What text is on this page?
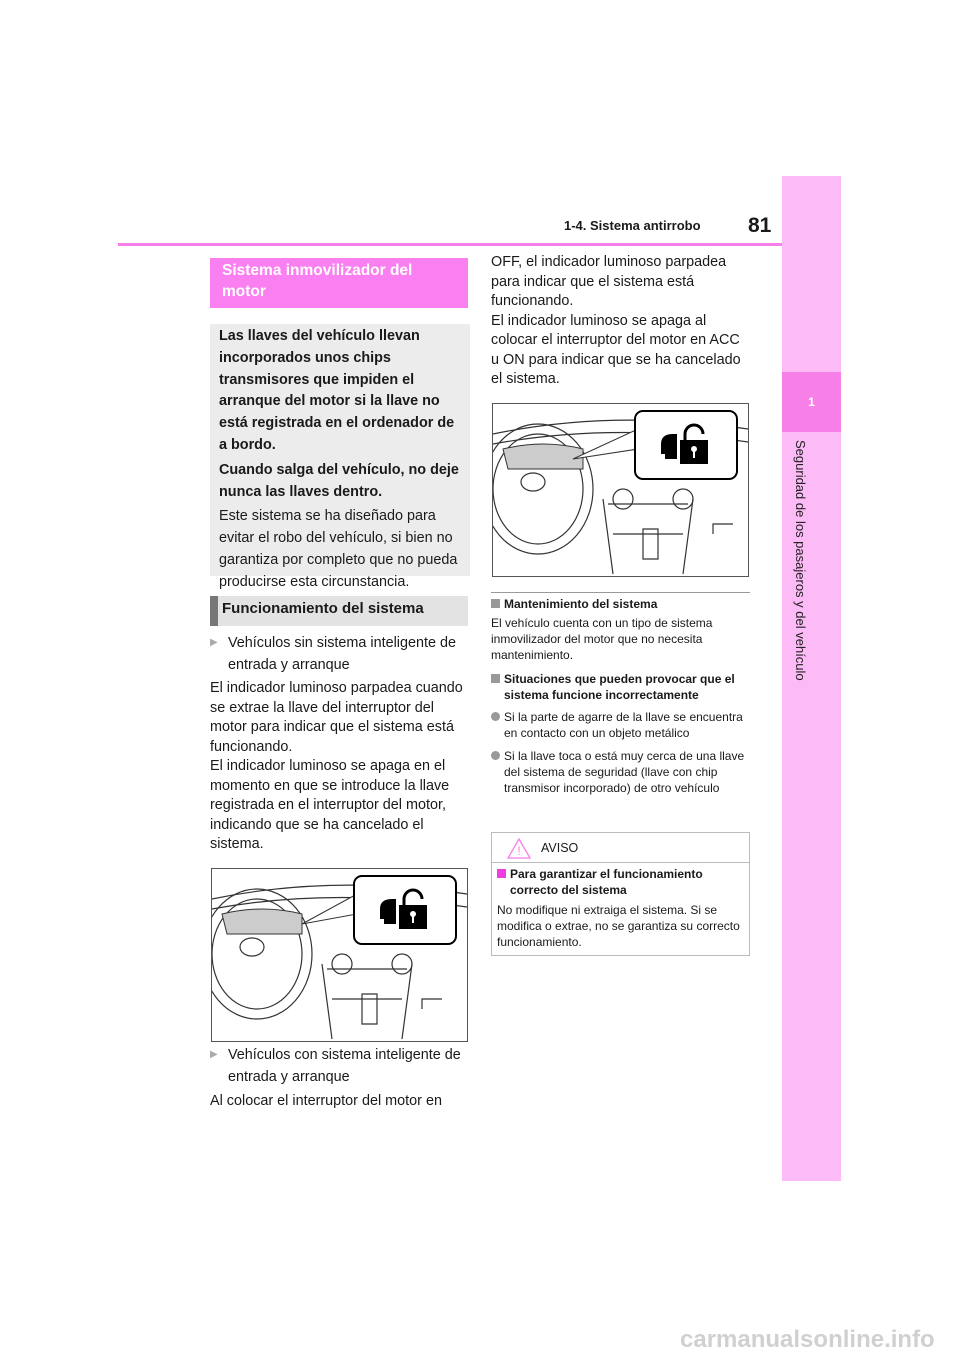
1
Seguridad de los pasajeros y del vehículo
1-4. Sistema antirrobo 81
Sistema inmovilizador del motor

Las llaves del vehículo llevan incorporados unos chips transmisores que impiden el arranque del motor si la llave no está registrada en el ordenador de a bordo.

Cuando salga del vehículo, no deje nunca las llaves dentro.

Este sistema se ha diseñado para evitar el robo del vehículo, si bien no garantiza por completo que no pueda producirse esta circunstancia.

Funcionamiento del sistema
▶ Vehículos sin sistema inteligente de entrada y arranque

El indicador luminoso parpadea cuando se extrae la llave del interruptor del motor para indicar que el sistema está funcionando.

El indicador luminoso se apaga en el momento en que se introduce la llave registrada en el interruptor del motor, indicando que se ha cancelado el sistema.

▶ Vehículos con sistema inteligente de entrada y arranque
Al colocar el interruptor del motor en

OFF, el indicador luminoso parpadea para indicar que el sistema está funcionando.

El indicador luminoso se apaga al colocar el interruptor del motor en ACC u ON para indicar que se ha cancelado el sistema.

Mantenimiento del sistema

El vehículo cuenta con un tipo de sistema inmovilizador del motor que no necesita mantenimiento.

Situaciones que pueden provocar que el sistema funcione incorrectamente

Si la parte de agarre de la llave se encuentra en contacto con un objeto metálico

Si la llave toca o está muy cerca de una llave del sistema de seguridad (llave con chip transmisor incorporado) de otro vehículo

! AVISO

Para garantizar el funcionamiento correcto del sistema

No modifique ni extraiga el sistema. Si se modifica o extrae, no se garantiza su correcto funcionamiento.

carmanualsonline.info
